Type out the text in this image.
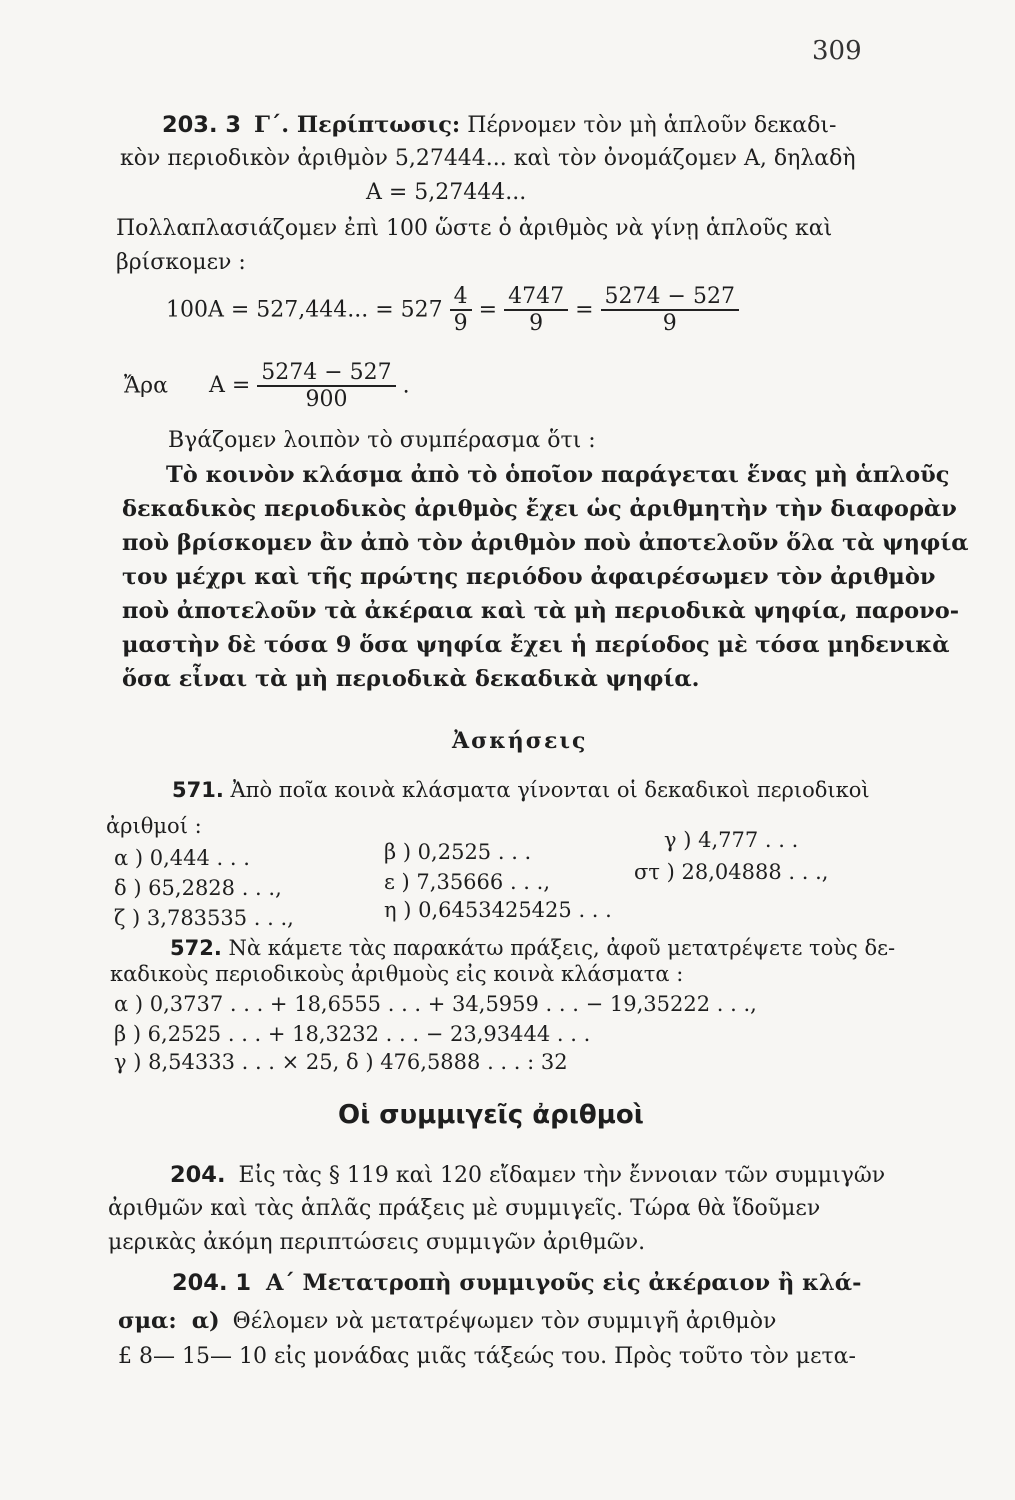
309
203. 3 Γ΄. Περίπτωσις: Πέρνομεν τὸν μὴ ἁπλοῦν δεκαδι-
κὸν περιοδικὸν ἀριθμὸν 5,27444... καὶ τὸν ὀνομάζομεν Α, δηλαδὴ
Α = 5,27444...
Πολλαπλασιάζομεν ἐπὶ 100 ὥστε ὁ ἀριθμὸς νὰ γίνῃ ἁπλοῦς καὶ
βρίσκομεν :
100Α = 527,444... = $527 \frac{4}{9} = \frac{4747}{9} = \frac{5274 - 527}{9}$
Ἄρα $A = \frac{5274 - 527}{900}$ .
Βγάζομεν λοιπὸν τὸ συμπέρασμα ὅτι :
Τὸ κοινὸν κλάσμα ἀπὸ τὸ ὁποῖον παράγεται ἕνας μὴ ἁπλοῦς
δεκαδικὸς περιοδικὸς ἀριθμὸς ἔχει ὡς ἀριθμητὴν τὴν διαφορὰν
ποὺ βρίσκομεν ἂν ἀπὸ τὸν ἀριθμὸν ποὺ ἀποτελοῦν ὅλα τὰ ψηφία
του μέχρι καὶ τῆς πρώτης περιόδου ἀφαιρέσωμεν τὸν ἀριθμὸν
ποὺ ἀποτελοῦν τὰ ἀκέραια καὶ τὰ μὴ περιοδικὰ ψηφία, παρονο-
μαστὴν δὲ τόσα 9 ὅσα ψηφία ἔχει ἡ περίοδος μὲ τόσα μηδενικὰ
ὅσα εἶναι τὰ μὴ περιοδικὰ δεκαδικὰ ψηφία.
Ἀσκήσεις
571. Ἀπὸ ποῖα κοινὰ κλάσματα γίνονται οἱ δεκαδικοὶ περιοδικοὶ
ἀριθμοί :
α ) 0,444 . . .	β ) 0,2525 . . .	γ ) 4,777 . . .
δ ) 65,2828 . . .,	ε ) 7,35666 . . .,	στ ) 28,04888 . . .,
ζ ) 3,783535 . . .,	η ) 0,6453425425 . . .
572. Νὰ κάμετε τὰς παρακάτω πράξεις, ἀφοῦ μετατρέψετε τοὺς δε-
καδικοὺς περιοδικοὺς ἀριθμοὺς εἰς κοινὰ κλάσματα :
α ) 0,3737 . . . + 18,6555 . . . + 34,5959 . . . − 19,35222 . . .,
β ) 6,2525 . . . + 18,3232 . . . − 23,93444 . . .
γ ) 8,54333 . . . × 25, δ ) 476,5888 . . . : 32
Οἱ συμμιγεῖς ἀριθμοὶ
204. Εἰς τὰς § 119 καὶ 120 εἴδαμεν τὴν ἔννοιαν τῶν συμμιγῶν
ἀριθμῶν καὶ τὰς ἁπλᾶς πράξεις μὲ συμμιγεῖς. Τώρα θὰ ἴδοῦμεν
μερικὰς ἀκόμη περιπτώσεις συμμιγῶν ἀριθμῶν.
204. 1 Α΄ Μετατροπὴ συμμιγοῦς εἰς ἀκέραιον ἢ κλά-
σμα: α) Θέλομεν νὰ μετατρέψωμεν τὸν συμμιγῆ ἀριθμὸν
£ 8— 15— 10 εἰς μονάδας μιᾶς τάξεώς του. Πρὸς τοῦτο τὸν μετα-
